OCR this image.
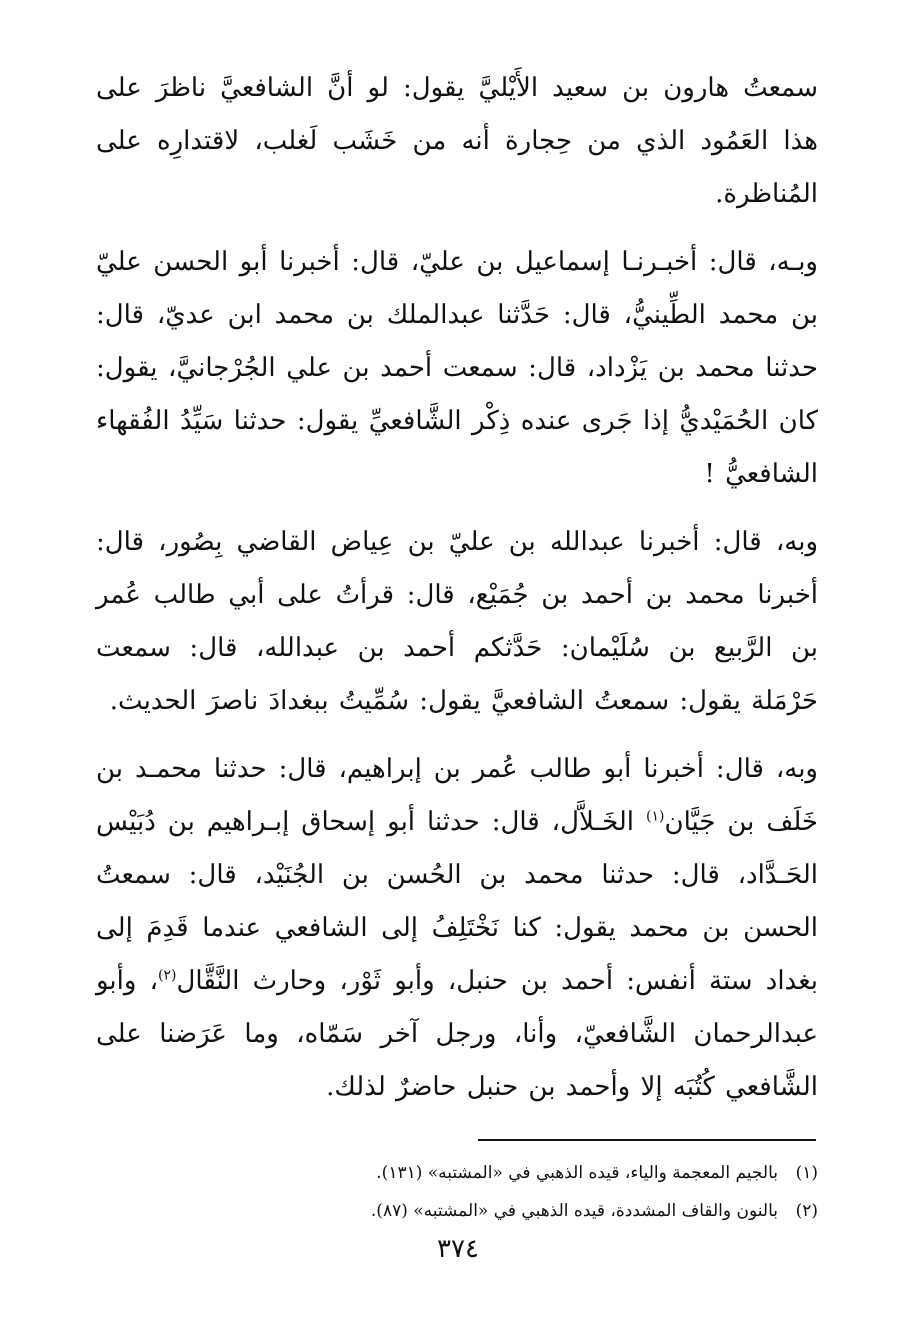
سمعتُ هارون بن سعيد الأَيْليَّ يقول: لو أنَّ الشافعيَّ ناظرَ على هذا العَمُود الذي من حِجارة أنه من خَشَب لَغلب، لاقتدارِه على المُناظرة.

وبـه، قال: أخبـرنـا إسماعيل بن عليّ، قال: أخبرنا أبو الحسن عليّ بن محمد الطِّينيُّ، قال: حَدَّثنا عبدالملك بن محمد ابن عديّ، قال: حدثنا محمد بن يَزْداد، قال: سمعت أحمد بن علي الجُرْجانيَّ، يقول: كان الحُمَيْديُّ إذا جَرى عنده ذِكْر الشَّافعيِّ يقول: حدثنا سَيِّدُ الفُقهاء الشافعيُّ !

وبه، قال: أخبرنا عبدالله بن عليّ بن عِياض القاضي بِصُور، قال: أخبرنا محمد بن أحمد بن جُمَيْع، قال: قرأتُ على أبي طالب عُمر بن الرَّبيع بن سُلَيْمان: حَدَّثكم أحمد بن عبدالله، قال: سمعت حَرْمَلة يقول: سمعتُ الشافعيَّ يقول: سُمِّيتُ ببغدادَ ناصرَ الحديث.

وبه، قال: أخبرنا أبو طالب عُمر بن إبراهيم، قال: حدثنا محمـد بن خَلَف بن جَيَّان$^{(١)}$ الخَـلاَّل، قال: حدثنا أبو إسحاق إبـراهيم بن دُبَيْس الحَـدَّاد، قال: حدثنا محمد بن الحُسن بن الجُنَيْد، قال: سمعتُ الحسن بن محمد يقول: كنا نَخْتَلِفُ إلى الشافعي عندما قَدِمَ إلى بغداد ستة أنفس: أحمد بن حنبل، وأبو ثَوْر، وحارث النَّقَّال$^{(٢)}$، وأبو عبدالرحمان الشَّافعيّ، وأنا، ورجل آخر سَمّاه، وما عَرَضنا على الشَّافعي كُتُبَه إلا وأحمد بن حنبل حاضرٌ لذلك.

(١)بالجيم المعجمة والياء، قيده الذهبي في «المشتبه» (١٣١).

(٢)بالنون والقاف المشددة، قيده الذهبي في «المشتبه» (٨٧).

٣٧٤
